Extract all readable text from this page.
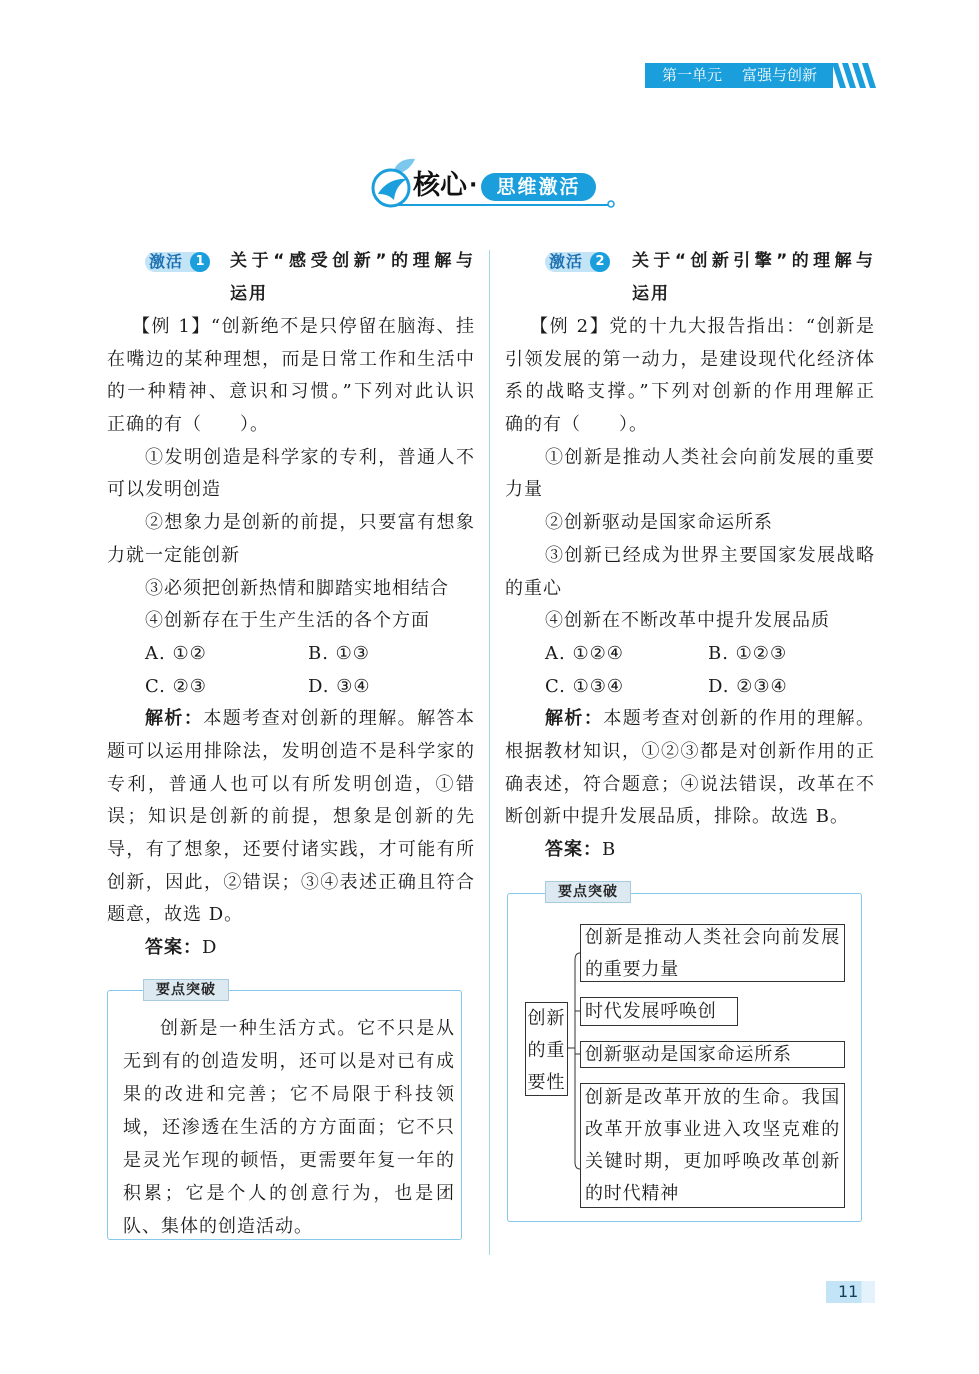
第一单元 富强与创新
核心 ·	思维激活
激活 1	关于“感受创新”的理解与
运用
【例 1】“创新绝不是只停留在脑海、挂
在嘴边的某种理想，而是日常工作和生活中
的一种精神、意识和习惯。”下列对此认识
正确的有（　　）。
①发明创造是科学家的专利，普通人不
可以发明创造
②想象力是创新的前提，只要富有想象
力就一定能创新
③必须把创新热情和脚踏实地相结合
④创新存在于生产生活的各个方面
A. ①②	B. ①③
C. ②③	D. ③④
解析：本题考查对创新的理解。解答本
题可以运用排除法，发明创造不是科学家的
专利，普通人也可以有所发明创造，①错
误；知识是创新的前提，想象是创新的先
导，有了想象，还要付诸实践，才可能有所
创新，因此，②错误；③④表述正确且符合
题意，故选 D。
答案：D
要点突破
创新是一种生活方式。它不只是从
无到有的创造发明，还可以是对已有成
果的改进和完善；它不局限于科技领
域，还渗透在生活的方方面面；它不只
是灵光乍现的顿悟，更需要年复一年的
积累；它是个人的创意行为，也是团
队、集体的创造活动。
激活 2	关于“创新引擎”的理解与
运用
【例 2】党的十九大报告指出：“创新是
引领发展的第一动力，是建设现代化经济体
系的战略支撑。”下列对创新的作用理解正
确的有（　　）。
①创新是推动人类社会向前发展的重要
力量
②创新驱动是国家命运所系
③创新已经成为世界主要国家发展战略
的重心
④创新在不断改革中提升发展品质
A. ①②④	B. ①②③
C. ①③④	D. ②③④
解析：本题考查对创新的作用的理解。
根据教材知识，①②③都是对创新作用的正
确表述，符合题意；④说法错误，改革在不
断创新中提升发展品质，排除。故选 B。
答案：B
要点突破
创新
的重
要性
创新是推动人类社会向前发展
的重要力量
时代发展呼唤创
创新驱动是国家命运所系
创新是改革开放的生命。我国
改革开放事业进入攻坚克难的
关键时期，更加呼唤改革创新
的时代精神
11
